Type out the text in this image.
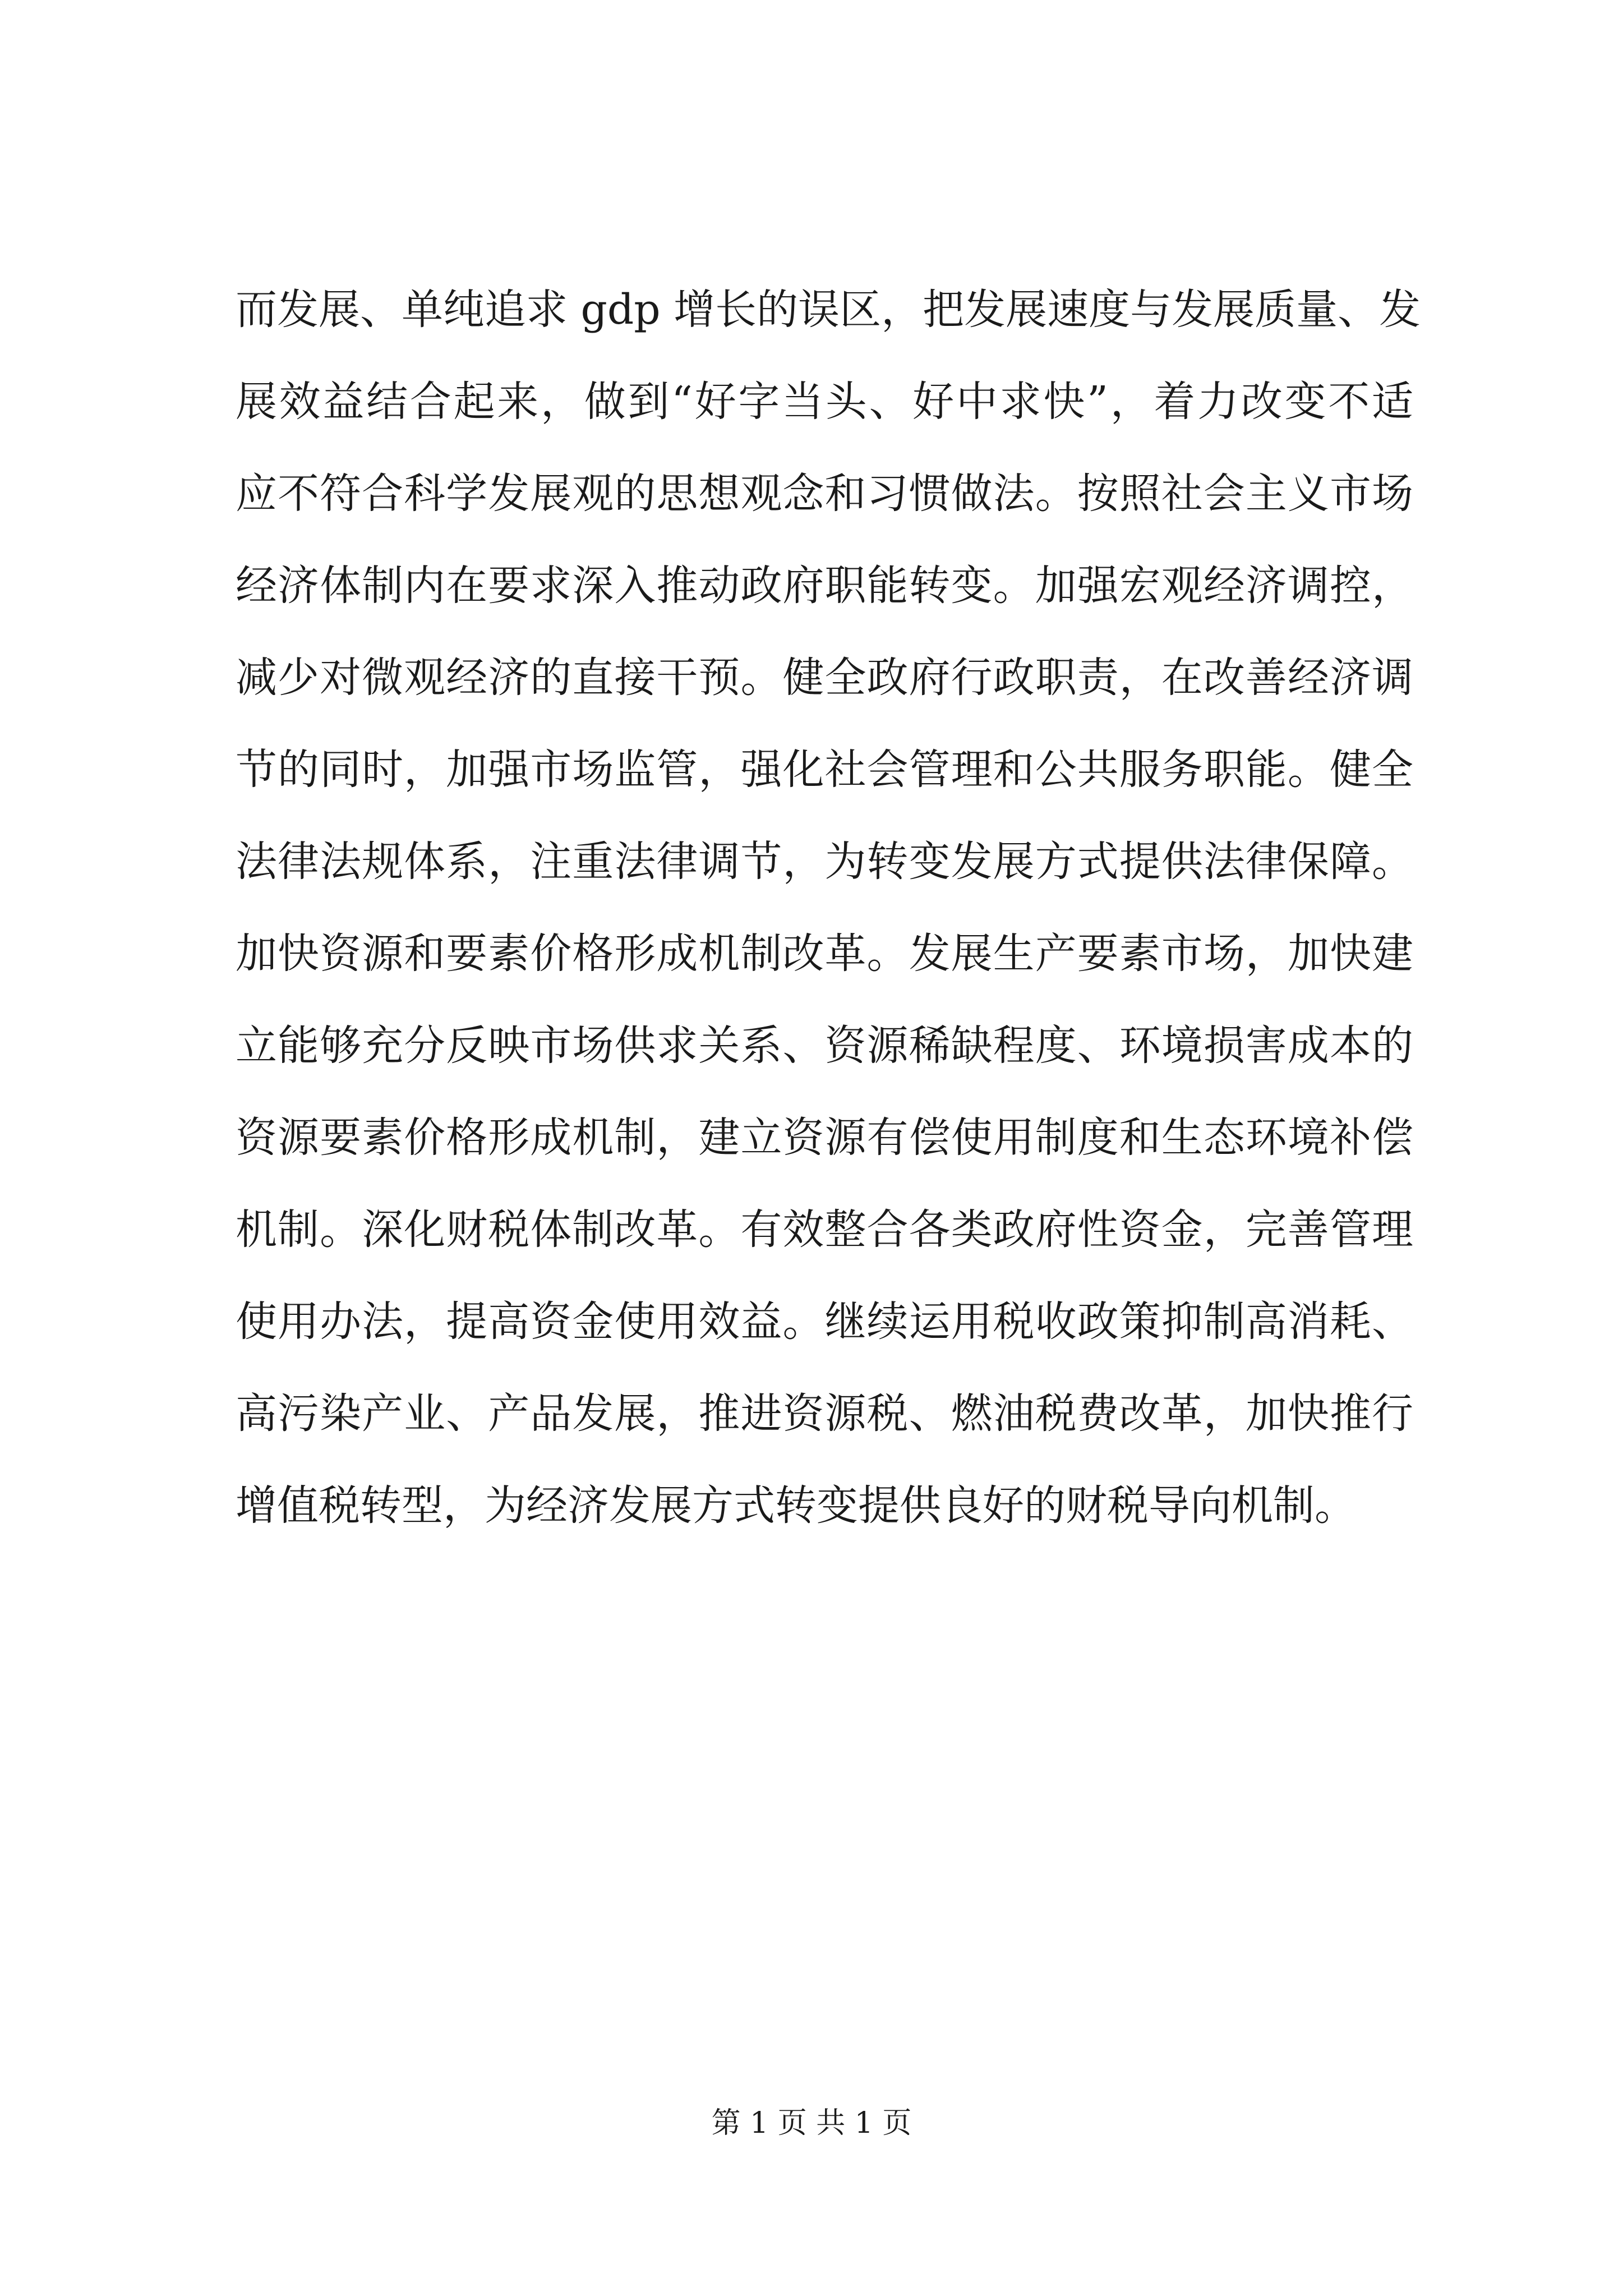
而发展、单纯追求 gdp 增长的误区，把发展速度与发展质量、发
展效益结合起来，做到“好字当头、好中求快”，着力改变不适
应不符合科学发展观的思想观念和习惯做法。按照社会主义市场
经济体制内在要求深入推动政府职能转变。加强宏观经济调控，
减少对微观经济的直接干预。健全政府行政职责，在改善经济调
节的同时，加强市场监管，强化社会管理和公共服务职能。健全
法律法规体系，注重法律调节，为转变发展方式提供法律保障。
加快资源和要素价格形成机制改革。发展生产要素市场，加快建
立能够充分反映市场供求关系、资源稀缺程度、环境损害成本的
资源要素价格形成机制，建立资源有偿使用制度和生态环境补偿
机制。深化财税体制改革。有效整合各类政府性资金，完善管理
使用办法，提高资金使用效益。继续运用税收政策抑制高消耗、
高污染产业、产品发展，推进资源税、燃油税费改革，加快推行
增值税转型，为经济发展方式转变提供良好的财税导向机制。
第 1 页 共 1 页
